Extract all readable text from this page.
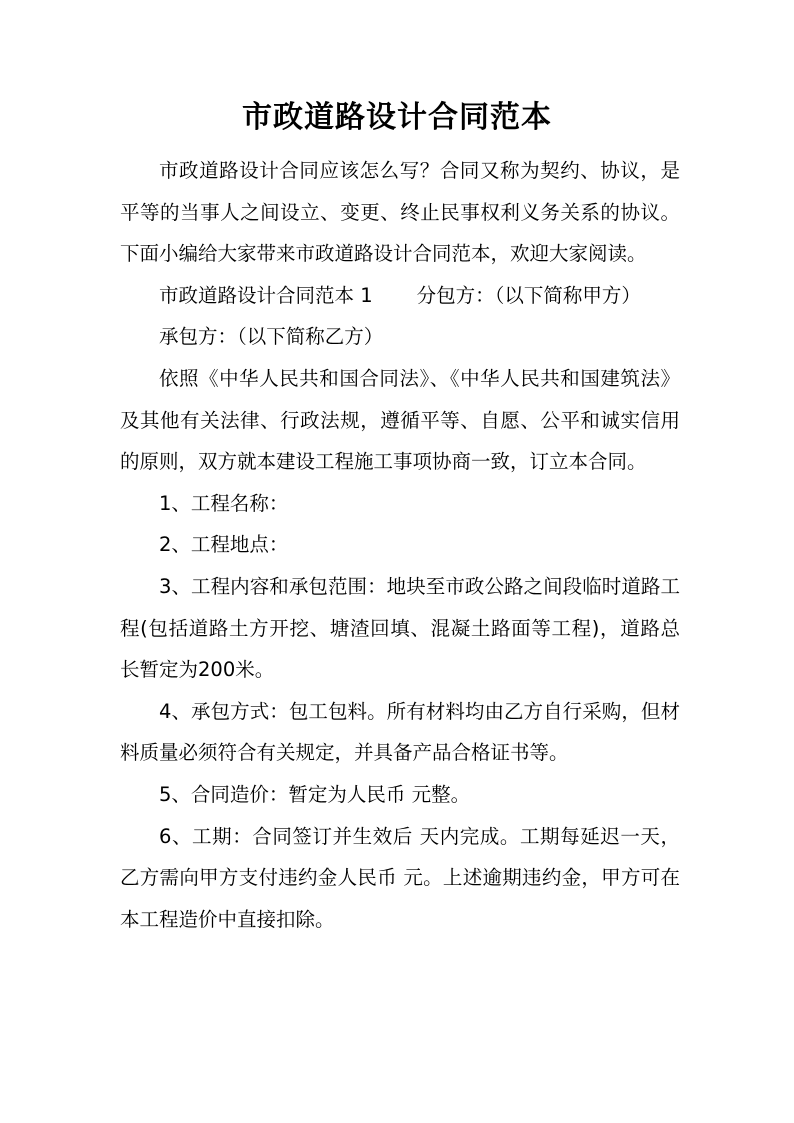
市政道路设计合同范本

市政道路设计合同应该怎么写？合同又称为契约、协议，是平等的当事人之间设立、变更、终止民事权利义务关系的协议。下面小编给大家带来市政道路设计合同范本，欢迎大家阅读。

市政道路设计合同范本 1 分包方：（以下简称甲方）

承包方：（以下简称乙方）

依照《中华人民共和国合同法》、《中华人民共和国建筑法》及其他有关法律、行政法规，遵循平等、自愿、公平和诚实信用的原则，双方就本建设工程施工事项协商一致，订立本合同。

1、工程名称：

2、工程地点：

3、工程内容和承包范围：地块至市政公路之间段临时道路工程(包括道路土方开挖、塘渣回填、混凝土路面等工程)，道路总长暂定为200米。

4、承包方式：包工包料。所有材料均由乙方自行采购，但材料质量必须符合有关规定，并具备产品合格证书等。

5、合同造价：暂定为人民币 元整。

6、工期：合同签订并生效后 天内完成。工期每延迟一天，乙方需向甲方支付违约金人民币 元。上述逾期违约金，甲方可在本工程造价中直接扣除。
